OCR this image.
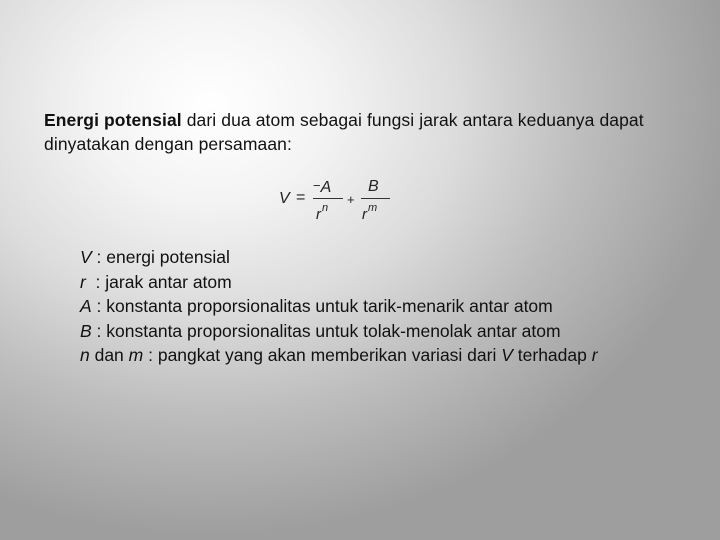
Energi potensial dari dua atom sebagai fungsi jarak antara keduanya dapat dinyatakan dengan persamaan:

V =
−A
$r^n$
+
B
$r^m$
V : energi potensial
r  : jarak antar atom
A : konstanta proporsionalitas untuk tarik-menarik antar atom
B : konstanta proporsionalitas untuk tolak-menolak antar atom
n dan m : pangkat yang akan memberikan variasi dari V terhadap r
